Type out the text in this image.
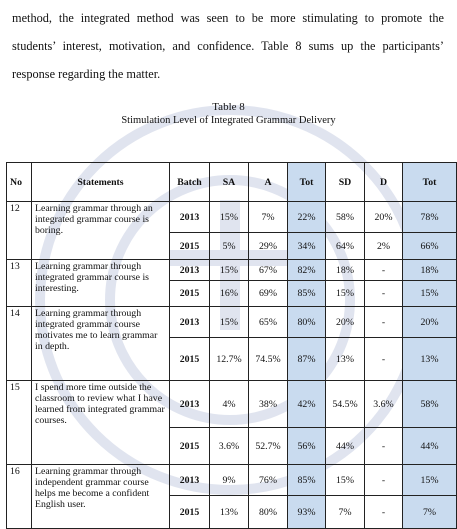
method, the integrated method was seen to be more stimulating to promote the
students’ interest, motivation, and confidence. Table 8 sums up the participants’
response regarding the matter.
Table 8
Stimulation Level of Integrated Grammar Delivery
No	Statements	Batch	SA	A	Tot	SD	D	Tot
12	Learning grammar through an integrated grammar course is boring.	2013	15%	7%	22%	58%	20%	78%
		2015	5%	29%	34%	64%	2%	66%
13	Learning grammar through integrated grammar course is interesting.	2013	15%	67%	82%	18%	-	18%
		2015	16%	69%	85%	15%	-	15%
14	Learning grammar through integrated grammar course motivates me to learn grammar in depth.	2013	15%	65%	80%	20%	-	20%
		2015	12.7%	74.5%	87%	13%	-	13%
15	I spend more time outside the classroom to review what I have learned from integrated grammar courses.	2013	4%	38%	42%	54.5%	3.6%	58%
		2015	3.6%	52.7%	56%	44%	-	44%
16	Learning grammar through independent grammar course helps me become a confident English user.	2013	9%	76%	85%	15%	-	15%
		2015	13%	80%	93%	7%	-	7%
